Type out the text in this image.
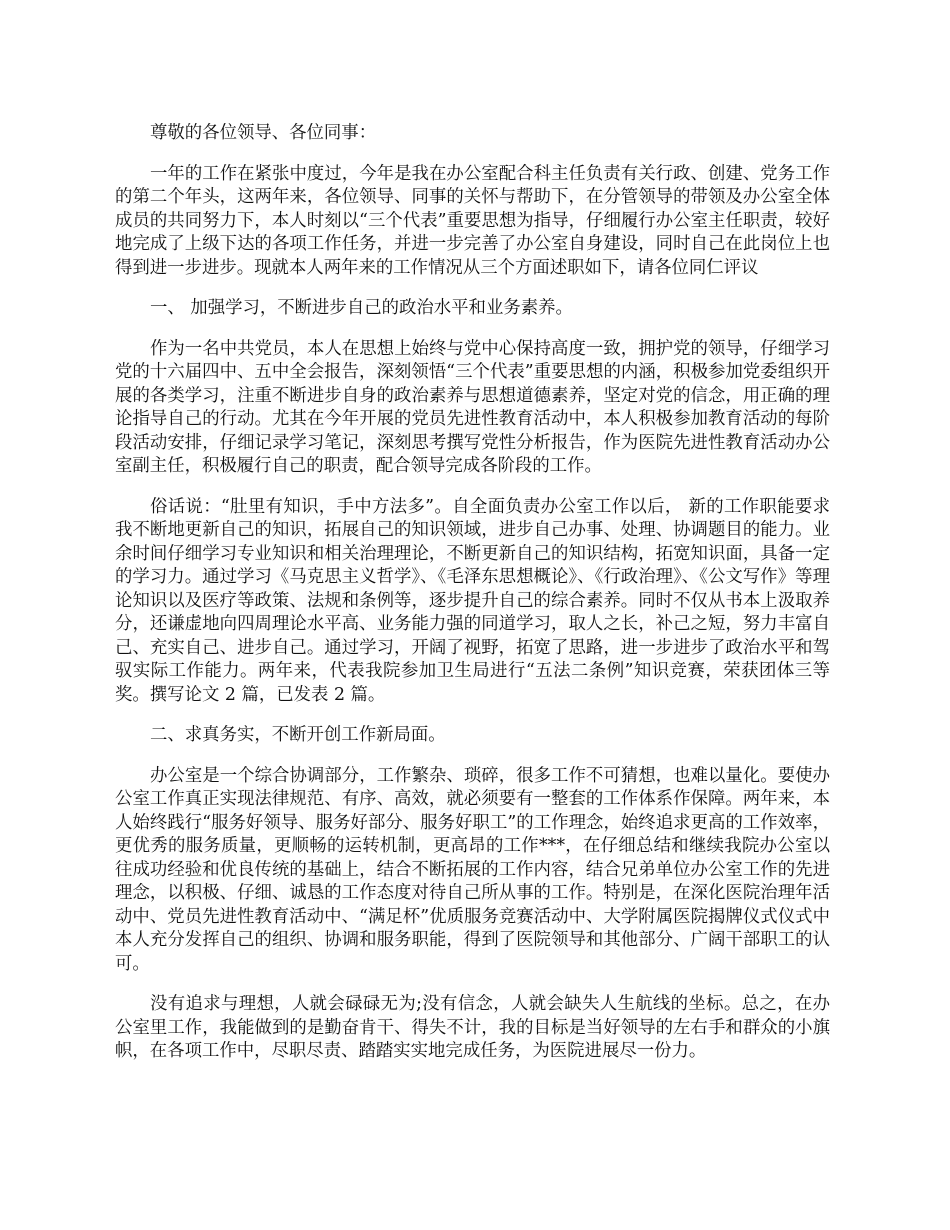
尊敬的各位领导、各位同事：

一年的工作在紧张中度过，今年是我在办公室配合科主任负责有关行政、创建、党务工作的第二个年头，这两年来，各位领导、同事的关怀与帮助下，在分管领导的带领及办公室全体成员的共同努力下，本人时刻以“三个代表”重要思想为指导，仔细履行办公室主任职责，较好地完成了上级下达的各项工作任务，并进一步完善了办公室自身建设，同时自己在此岗位上也得到进一步进步。现就本人两年来的工作情况从三个方面述职如下，请各位同仁评议

一、 加强学习，不断进步自己的政治水平和业务素养。

作为一名中共党员，本人在思想上始终与党中心保持高度一致，拥护党的领导，仔细学习党的十六届四中、五中全会报告，深刻领悟“三个代表”重要思想的内涵，积极参加党委组织开展的各类学习，注重不断进步自身的政治素养与思想道德素养，坚定对党的信念，用正确的理论指导自己的行动。尤其在今年开展的党员先进性教育活动中，本人积极参加教育活动的每阶段活动安排，仔细记录学习笔记，深刻思考撰写党性分析报告，作为医院先进性教育活动办公室副主任，积极履行自己的职责，配合领导完成各阶段的工作。

俗话说：“肚里有知识，手中方法多”。自全面负责办公室工作以后， 新的工作职能要求我不断地更新自己的知识，拓展自己的知识领域，进步自己办事、处理、协调题目的能力。业余时间仔细学习专业知识和相关治理理论，不断更新自己的知识结构，拓宽知识面，具备一定的学习力。通过学习《马克思主义哲学》、《毛泽东思想概论》、《行政治理》、《公文写作》等理论知识以及医疗等政策、法规和条例等，逐步提升自己的综合素养。同时不仅从书本上汲取养分，还谦虚地向四周理论水平高、业务能力强的同道学习，取人之长，补己之短，努力丰富自己、充实自己、进步自己。通过学习，开阔了视野，拓宽了思路，进一步进步了政治水平和驾驭实际工作能力。两年来，代表我院参加卫生局进行“五法二条例”知识竞赛，荣获团体三等奖。撰写论文 2 篇，已发表 2 篇。

二、求真务实，不断开创工作新局面。

办公室是一个综合协调部分，工作繁杂、琐碎，很多工作不可猜想，也难以量化。要使办公室工作真正实现法律规范、有序、高效，就必须要有一整套的工作体系作保障。两年来，本人始终践行“服务好领导、服务好部分、服务好职工”的工作理念，始终追求更高的工作效率，更优秀的服务质量，更顺畅的运转机制，更高昂的工作***，在仔细总结和继续我院办公室以往成功经验和优良传统的基础上，结合不断拓展的工作内容，结合兄弟单位办公室工作的先进理念，以积极、仔细、诚恳的工作态度对待自己所从事的工作。特别是，在深化医院治理年活动中、党员先进性教育活动中、“满足杯”优质服务竞赛活动中、大学附属医院揭牌仪式仪式中本人充分发挥自己的组织、协调和服务职能，得到了医院领导和其他部分、广阔干部职工的认可。

没有追求与理想，人就会碌碌无为;没有信念，人就会缺失人生航线的坐标。总之，在办公室里工作，我能做到的是勤奋肯干、得失不计，我的目标是当好领导的左右手和群众的小旗帜，在各项工作中，尽职尽责、踏踏实实地完成任务，为医院进展尽一份力。
